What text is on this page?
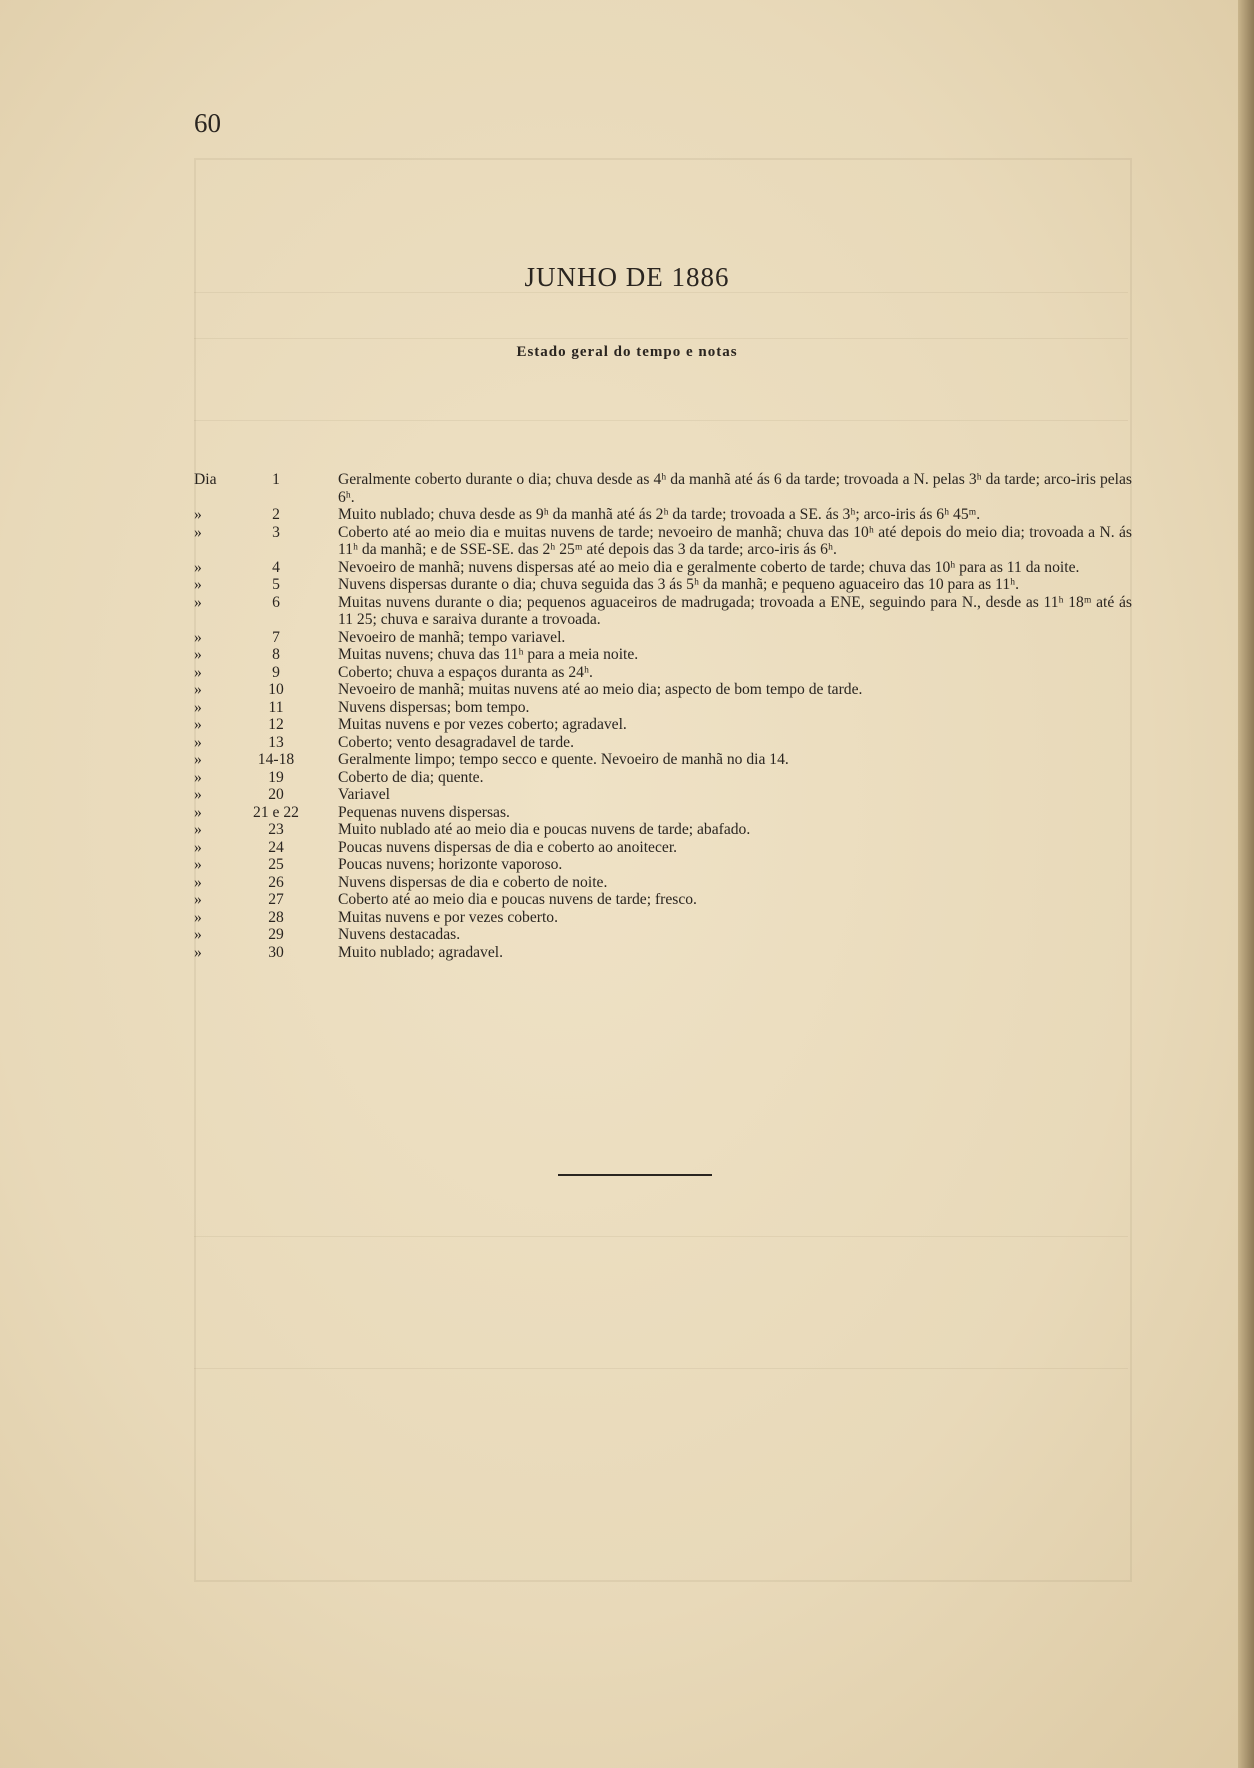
60
JUNHO DE 1886
Estado geral do tempo e notas
Dia	1	Geralmente coberto durante o dia; chuva desde as 4ʰ da manhã até ás 6 da tarde; trovoada a N. pelas 3ʰ da tarde; arco-iris pelas 6ʰ.
»	2	Muito nublado; chuva desde as 9ʰ da manhã até ás 2ʰ da tarde; trovoada a SE. ás 3ʰ; arco-iris ás 6ʰ 45ᵐ.
»	3	Coberto até ao meio dia e muitas nuvens de tarde; nevoeiro de manhã; chuva das 10ʰ até depois do meio dia; trovoada a N. ás 11ʰ da manhã; e de SSE-SE. das 2ʰ 25ᵐ até depois das 3 da tarde; arco-iris ás 6ʰ.
»	4	Nevoeiro de manhã; nuvens dispersas até ao meio dia e geralmente coberto de tarde; chuva das 10ʰ para as 11 da noite.
»	5	Nuvens dispersas durante o dia; chuva seguida das 3 ás 5ʰ da manhã; e pequeno aguaceiro das 10 para as 11ʰ.
»	6	Muitas nuvens durante o dia; pequenos aguaceiros de madrugada; trovoada a ENE, seguindo para N., desde as 11ʰ 18ᵐ até ás 11 25; chuva e saraiva durante a trovoada.
»	7	Nevoeiro de manhã; tempo variavel.
»	8	Muitas nuvens; chuva das 11ʰ para a meia noite.
»	9	Coberto; chuva a espaços duranta as 24ʰ.
»	10	Nevoeiro de manhã; muitas nuvens até ao meio dia; aspecto de bom tempo de tarde.
»	11	Nuvens dispersas; bom tempo.
»	12	Muitas nuvens e por vezes coberto; agradavel.
»	13	Coberto; vento desagradavel de tarde.
»	14-18	Geralmente limpo; tempo secco e quente. Nevoeiro de manhã no dia 14.
»	19	Coberto de dia; quente.
»	20	Variavel
»	21 e 22	Pequenas nuvens dispersas.
»	23	Muito nublado até ao meio dia e poucas nuvens de tarde; abafado.
»	24	Poucas nuvens dispersas de dia e coberto ao anoitecer.
»	25	Poucas nuvens; horizonte vaporoso.
»	26	Nuvens dispersas de dia e coberto de noite.
»	27	Coberto até ao meio dia e poucas nuvens de tarde; fresco.
»	28	Muitas nuvens e por vezes coberto.
»	29	Nuvens destacadas.
»	30	Muito nublado; agradavel.
